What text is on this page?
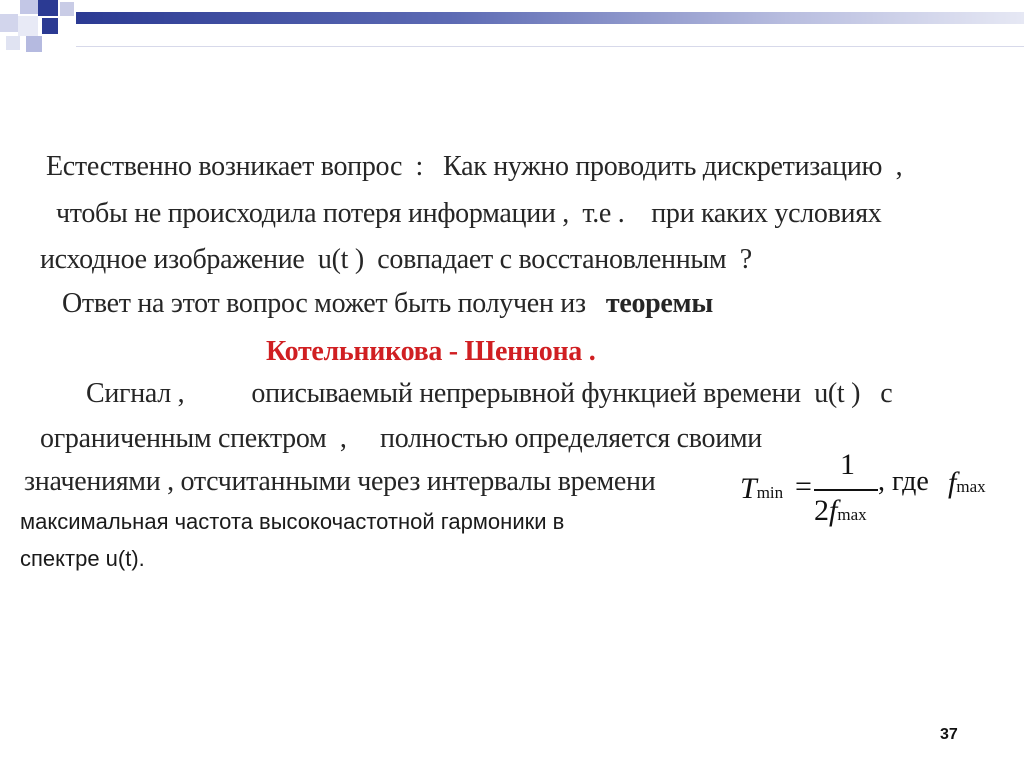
Естественно возникает вопрос  :   Как нужно проводить дискретизацию  ,
чтобы не происходила потеря информации ,  т.е .    при каких условиях
исходное изображение  u(t )  совпадает с восстановленным  ?
Ответ на этот вопрос может быть получен из теоремы
Котельникова - Шеннона .
Сигнал ,          описываемый непрерывной функцией времени  u(t )   с
ограниченным спектром  ,     полностью определяется своими
значениями , отсчитанными через интервалы времени	Tmin =
1
2fmax
, где fmax
максимальная частота высокочастотной гармоники в
спектре u(t).
37
